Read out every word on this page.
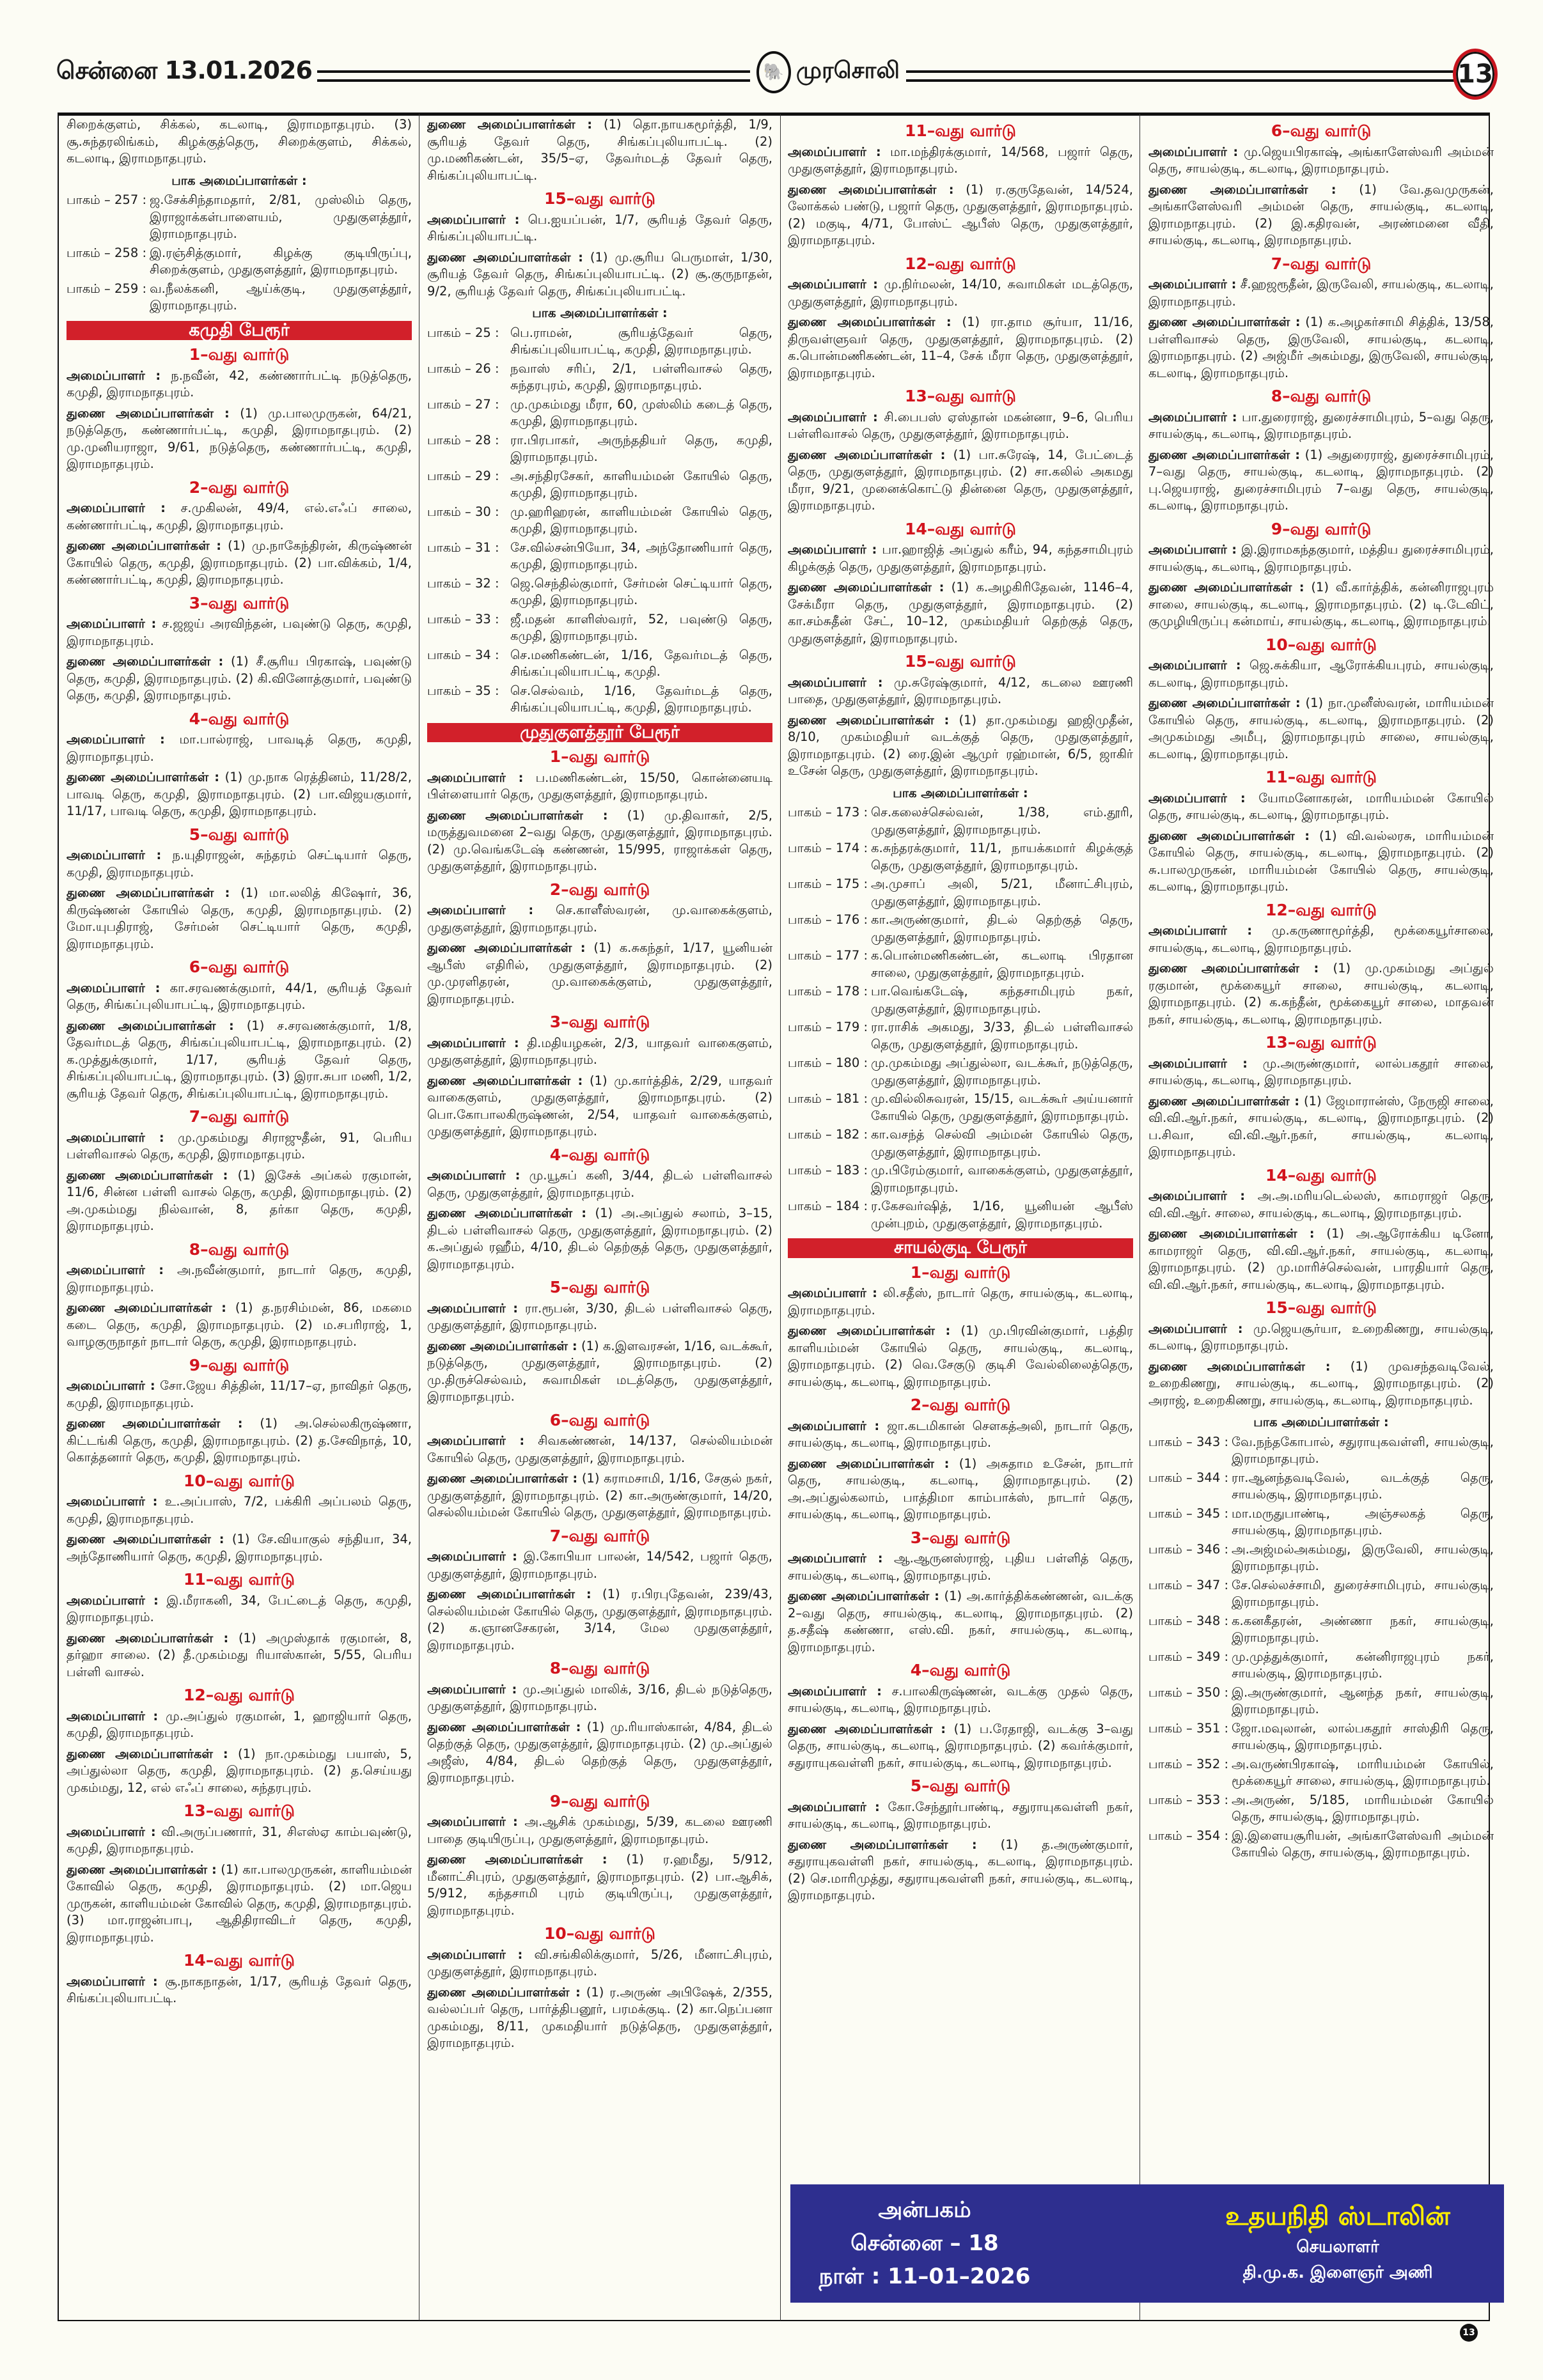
சென்னை 13.01.2026	🐘 முரசொலி	13

சிறைக்குளம், சிக்கல், கடலாடி, இராமநாதபுரம். (3) சூ.சுந்தரலிங்கம், கிழக்குத்தெரு, சிறைக்குளம், சிக்கல், கடலாடி, இராமநாதபுரம்.

பாக அமைப்பாளர்கள் :
பாகம் – 257 : ஜ.சேக்சிந்தாமதார், 2/81, முஸ்லிம் தெரு, இராஜாக்கள்பாளையம், முதுகுளத்தூர், இராமநாதபுரம்.
பாகம் – 258 : இ.ரஞ்சித்குமார், கிழக்கு குடியிருப்பு, சிறைக்குளம், முதுகுளத்தூர், இராமநாதபுரம்.
பாகம் – 259 : வ.நீலக்கனி, ஆய்க்குடி, முதுகுளத்தூர், இராமநாதபுரம்.
கமுதி பேரூர்
1–வது வார்டு

அமைப்பாளர் : ந.நவீன், 42, கண்ணார்பட்டி நடுத்தெரு, கமுதி, இராமநாதபுரம்.

துணை அமைப்பாளர்கள் : (1) மு.பாலமுருகன், 64/21, நடுத்தெரு, கண்ணார்பட்டி, கமுதி, இராமநாதபுரம். (2) மு.முனியராஜா, 9/61, நடுத்தெரு, கண்ணார்பட்டி, கமுதி, இராமநாதபுரம்.

2–வது வார்டு

அமைப்பாளர் : ச.முகிலன், 49/4, எல்.எஃப் சாலை, கண்ணார்பட்டி, கமுதி, இராமநாதபுரம்.

துணை அமைப்பாளர்கள் : (1) மு.நாகேந்திரன், கிருஷ்ணன் கோயில் தெரு, கமுதி, இராமநாதபுரம். (2) பா.விக்கம், 1/4, கண்ணார்பட்டி, கமுதி, இராமநாதபுரம்.

3–வது வார்டு

அமைப்பாளர் : ச.ஜஜய் அரவிந்தன், பவுண்டு தெரு, கமுதி, இராமநாதபுரம்.

துணை அமைப்பாளர்கள் : (1) சீ.சூரிய பிரகாஷ், பவுண்டு தெரு, கமுதி, இராமநாதபுரம். (2) கி.வினோத்குமார், பவுண்டு தெரு, கமுதி, இராமநாதபுரம்.

4–வது வார்டு

அமைப்பாளர் : மா.பால்ராஜ், பாவடித் தெரு, கமுதி, இராமநாதபுரம்.

துணை அமைப்பாளர்கள் : (1) மு.நாக ரெத்தினம், 11/28/2, பாவடி தெரு, கமுதி, இராமநாதபுரம். (2) பா.விஜயகுமார், 11/17, பாவடி தெரு, கமுதி, இராமநாதபுரம்.

5–வது வார்டு

அமைப்பாளர் : ந.யுதிராஜன், சுந்தரம் செட்டியார் தெரு, கமுதி, இராமநாதபுரம்.

துணை அமைப்பாளர்கள் : (1) மா.லலித் கிஷோர், 36, கிருஷ்ணன் கோயில் தெரு, கமுதி, இராமநாதபுரம். (2) மோ.யுபதிராஜ், சேர்மன் செட்டியார் தெரு, கமுதி, இராமநாதபுரம்.

6–வது வார்டு

அமைப்பாளர் : கா.சரவணக்குமார், 44/1, சூரியத் தேவர் தெரு, சிங்கப்புலியாபட்டி, இராமநாதபுரம்.

துணை அமைப்பாளர்கள் : (1) ச.சரவணக்குமார், 1/8, தேவர்மடத் தெரு, சிங்கப்புலியாபட்டி, இராமநாதபுரம். (2) க.முத்துக்குமார், 1/17, சூரியத் தேவர் தெரு, சிங்கப்புலியாபட்டி, இராமநாதபுரம். (3) இரா.சுபா மணி, 1/2, சூரியத் தேவர் தெரு, சிங்கப்புலியாபட்டி, இராமநாதபுரம்.

7–வது வார்டு

அமைப்பாளர் : மு.முகம்மது சிராஜுதீன், 91, பெரிய பள்ளிவாசல் தெரு, கமுதி, இராமநாதபுரம்.

துணை அமைப்பாளர்கள் : (1) இசேக் அப்கல் ரகுமான், 11/6, சின்ன பள்ளி வாசல் தெரு, கமுதி, இராமநாதபுரம். (2) அ.முகம்மது நில்வான், 8, தர்கா தெரு, கமுதி, இராமநாதபுரம்.

8–வது வார்டு

அமைப்பாளர் : அ.நவீன்குமார், நாடார் தெரு, கமுதி, இராமநாதபுரம்.

துணை அமைப்பாளர்கள் : (1) த.நரசிம்மன், 86, மகமை கடை தெரு, கமுதி, இராமநாதபுரம். (2) ம.சபரிராஜ், 1, வாழகுருநாதர் நாடார் தெரு, கமுதி, இராமநாதபுரம்.

9–வது வார்டு

அமைப்பாளர் : சோ.ஜேய சித்தின், 11/17–ஏ, நாவிதர் தெரு, கமுதி, இராமநாதபுரம்.

துணை அமைப்பாளர்கள் : (1) அ.செல்லகிருஷ்ணா, கிட்டங்கி தெரு, கமுதி, இராமநாதபுரம். (2) த.சேவிநாத், 10, கொத்தனார் தெரு, கமுதி, இராமநாதபுரம்.

10–வது வார்டு

அமைப்பாளர் : உ.அப்பாஸ், 7/2, பக்கிரி அப்பலம் தெரு, கமுதி, இராமநாதபுரம்.

துணை அமைப்பாளர்கள் : (1) சே.வியாகுல் சந்தியா, 34, அந்தோணியார் தெரு, கமுதி, இராமநாதபுரம்.

11–வது வார்டு

அமைப்பாளர் : இ.மீராகனி, 34, பேட்டைத் தெரு, கமுதி, இராமநாதபுரம்.

துணை அமைப்பாளர்கள் : (1) அமுஸ்தாக் ரகுமான், 8, தர்ஹா சாலை. (2) தீ.முகம்மது ரியாஸ்கான், 5/55, பெரிய பள்ளி வாசல்.

12–வது வார்டு

அமைப்பாளர் : மு.அப்துல் ரகுமான், 1, ஹாஜியார் தெரு, கமுதி, இராமநாதபுரம்.

துணை அமைப்பாளர்கள் : (1) நா.முகம்மது பயாஸ், 5, அப்துல்லா தெரு, கமுதி, இராமநாதபுரம். (2) த.செய்யது முகம்மது, 12, எல் எஃப் சாலை, சுந்தரபுரம்.

13–வது வார்டு

அமைப்பாளர் : வி.அருப்பணார், 31, சிஎஸ்ஏ காம்பவுண்டு, கமுதி, இராமநாதபுரம்.

துணை அமைப்பாளர்கள் : (1) கா.பாலமுருகன், காளியம்மன் கோவில் தெரு, கமுதி, இராமநாதபுரம். (2) மா.ஜெய முருகன், காளியம்மன் கோவில் தெரு, கமுதி, இராமநாதபுரம். (3) மா.ராஜன்பாபு, ஆதிதிராவிடர் தெரு, கமுதி, இராமநாதபுரம்.

14–வது வார்டு

அமைப்பாளர் : சூ.நாகநாதன், 1/17, சூரியத் தேவர் தெரு, சிங்கப்புலியாபட்டி.

துணை அமைப்பாளர்கள் : (1) தொ.நாயகமூர்த்தி, 1/9, சூரியத் தேவர் தெரு, சிங்கப்புலியாபட்டி. (2) மு.மணிகண்டன், 35/5–ஏ, தேவர்மடத் தேவர் தெரு, சிங்கப்புலியாபட்டி.

15–வது வார்டு

அமைப்பாளர் : பெ.ஐயப்பன், 1/7, சூரியத் தேவர் தெரு, சிங்கப்புலியாபட்டி.

துணை அமைப்பாளர்கள் : (1) மு.சூரிய பெருமாள், 1/30, சூரியத் தேவர் தெரு, சிங்கப்புலியாபட்டி. (2) சூ.குருநாதன், 9/2, சூரியத் தேவர் தெரு, சிங்கப்புலியாபட்டி.

பாக அமைப்பாளர்கள் :
பாகம் – 25 : பெ.ராமன், சூரியத்தேவர் தெரு, சிங்கப்புலியாபட்டி, கமுதி, இராமநாதபுரம்.
பாகம் – 26 : நவாஸ் சரிப், 2/1, பள்ளிவாசல் தெரு, சுந்தரபுரம், கமுதி, இராமநாதபுரம்.
பாகம் – 27 : மு.முகம்மது மீரா, 60, முஸ்லிம் கடைத் தெரு, கமுதி, இராமநாதபுரம்.
பாகம் – 28 : ரா.பிரபாகர், அருந்ததியர் தெரு, கமுதி, இராமநாதபுரம்.
பாகம் – 29 : அ.சந்திரசேகர், காளியம்மன் கோயில் தெரு, கமுதி, இராமநாதபுரம்.
பாகம் – 30 : மு.ஹரிஹரன், காளியம்மன் கோயில் தெரு, கமுதி, இராமநாதபுரம்.
பாகம் – 31 : சே.வில்சன்பியோ, 34, அந்தோணியார் தெரு, கமுதி, இராமநாதபுரம்.
பாகம் – 32 : ஜெ.செந்தில்குமார், சேர்மன் செட்டியார் தெரு, கமுதி, இராமநாதபுரம்.
பாகம் – 33 : ஜீ.மதன் காளிஸ்வரர், 52, பவுண்டு தெரு, கமுதி, இராமநாதபுரம்.
பாகம் – 34 : செ.மணிகண்டன், 1/16, தேவர்மடத் தெரு, சிங்கப்புலியாபட்டி, கமுதி.
பாகம் – 35 : செ.செல்வம், 1/16, தேவர்மடத் தெரு, சிங்கப்புலியாபட்டி, கமுதி, இராமநாதபுரம்.
முதுகுளத்தூர் பேரூர்
1–வது வார்டு

அமைப்பாளர் : ப.மணிகண்டன், 15/50, கொன்னையடி பிள்ளையார் தெரு, முதுகுளத்தூர், இராமநாதபுரம்.

துணை அமைப்பாளர்கள் : (1) மு.திவாகர், 2/5, மருத்துவமனை 2–வது தெரு, முதுகுளத்தூர், இராமநாதபுரம். (2) மு.வெங்கடேஷ் கண்ணன், 15/995, ராஜாக்கள் தெரு, முதுகுளத்தூர், இராமநாதபுரம்.

2–வது வார்டு

அமைப்பாளர் : செ.காளீஸ்வரன், மு.வாகைக்குளம், முதுகுளத்தூர், இராமநாதபுரம்.

துணை அமைப்பாளர்கள் : (1) க.சுகந்தர், 1/17, யூனியன் ஆபீஸ் எதிரில், முதுகுளத்தூர், இராமநாதபுரம். (2) மு.முரளிதரன், மு.வாகைக்குளம், முதுகுளத்தூர், இராமநாதபுரம்.

3–வது வார்டு

அமைப்பாளர் : தி.மதியழகன், 2/3, யாதவர் வாகைகுளம், முதுகுளத்தூர், இராமநாதபுரம்.

துணை அமைப்பாளர்கள் : (1) மு.கார்த்திக், 2/29, யாதவர் வாகைகுளம், முதுகுளத்தூர், இராமநாதபுரம். (2) பொ.கோபாலகிருஷ்ணன், 2/54, யாதவர் வாகைக்குளம், முதுகுளத்தூர், இராமநாதபுரம்.

4–வது வார்டு

அமைப்பாளர் : மு.யூசுப் கனி, 3/44, திடல் பள்ளிவாசல் தெரு, முதுகுளத்தூர், இராமநாதபுரம்.

துணை அமைப்பாளர்கள் : (1) அ.அப்துல் சலாம், 3–15, திடல் பள்ளிவாசல் தெரு, முதுகுளத்தூர், இராமநாதபுரம். (2) க.அப்துல் ரஹீம், 4/10, திடல் தெற்குத் தெரு, முதுகுளத்தூர், இராமநாதபுரம்.

5–வது வார்டு

அமைப்பாளர் : ரா.ரூபன், 3/30, திடல் பள்ளிவாசல் தெரு, முதுகுளத்தூர், இராமநாதபுரம்.

துணை அமைப்பாளர்கள் : (1) க.இளவரசன், 1/16, வடக்கூர், நடுத்தெரு, முதுகுளத்தூர், இராமநாதபுரம். (2) மு.திருச்செல்வம், சுவாமிகள் மடத்தெரு, முதுகுளத்தூர், இராமநாதபுரம்.

6–வது வார்டு

அமைப்பாளர் : சிவகண்ணன், 14/137, செல்லியம்மன் கோயில் தெரு, முதுகுளத்தூர், இராமநாதபுரம்.

துணை அமைப்பாளர்கள் : (1) கராமசாமி, 1/16, சேகுல் நகர், முதுகுளத்தூர், இராமநாதபுரம். (2) கா.அருண்குமார், 14/20, செல்லியம்மன் கோயில் தெரு, முதுகுளத்தூர், இராமநாதபுரம்.

7–வது வார்டு

அமைப்பாளர் : இ.கோபியா பாலன், 14/542, பஜார் தெரு, முதுகுளத்தூர், இராமநாதபுரம்.

துணை அமைப்பாளர்கள் : (1) ர.பிரபுதேவன், 239/43, செல்லியம்மன் கோயில் தெரு, முதுகுளத்தூர், இராமநாதபுரம். (2) க.ஞானசேகரன், 3/14, மேல முதுகுளத்தூர், இராமநாதபுரம்.

8–வது வார்டு

அமைப்பாளர் : மு.அப்துல் மாலிக், 3/16, திடல் நடுத்தெரு, முதுகுளத்தூர், இராமநாதபுரம்.

துணை அமைப்பாளர்கள் : (1) மு.ரியாஸ்கான், 4/84, திடல் தெற்குத் தெரு, முதுகுளத்தூர், இராமநாதபுரம். (2) மு.அப்துல் அஜீஸ், 4/84, திடல் தெற்குத் தெரு, முதுகுளத்தூர், இராமநாதபுரம்.

9–வது வார்டு

அமைப்பாளர் : அ.ஆசிக் முகம்மது, 5/39, கடலை ஊரணி பாதை குடியிருப்பு, முதுகுளத்தூர், இராமநாதபுரம்.

துணை அமைப்பாளர்கள் : (1) ர.ஹமீது, 5/912, மீனாட்சிபுரம், முதுகுளத்தூர், இராமநாதபுரம். (2) பா.ஆசிக், 5/912, கந்தசாமி புரம் குடியிருப்பு, முதுகுளத்தூர், இராமநாதபுரம்.

10–வது வார்டு

அமைப்பாளர் : வி.சங்கிலிக்குமார், 5/26, மீனாட்சிபுரம், முதுகுளத்தூர், இராமநாதபுரம்.

துணை அமைப்பாளர்கள் : (1) ர.அருண் அபிஷேக், 2/355, வல்லப்பர் தெரு, பார்த்திபனூர், பரமக்குடி. (2) கா.நெப்பனா முகம்மது, 8/11, முகமதியார் நடுத்தெரு, முதுகுளத்தூர், இராமநாதபுரம்.

11–வது வார்டு

அமைப்பாளர் : மா.மந்திரக்குமார், 14/568, பஜார் தெரு, முதுகுளத்தூர், இராமநாதபுரம்.

துணை அமைப்பாளர்கள் : (1) ர.குருதேவன், 14/524, லோக்கல் பண்டு, பஜார் தெரு, முதுகுளத்தூர், இராமநாதபுரம். (2) மகுடி, 4/71, போஸ்ட் ஆபீஸ் தெரு, முதுகுளத்தூர், இராமநாதபுரம்.

12–வது வார்டு

அமைப்பாளர் : மு.நிர்மலன், 14/10, சுவாமிகள் மடத்தெரு, முதுகுளத்தூர், இராமநாதபுரம்.

துணை அமைப்பாளர்கள் : (1) ரா.தாம சூர்யா, 11/16, திருவள்ளுவர் தெரு, முதுகுளத்தூர், இராமநாதபுரம். (2) க.பொன்மணிகண்டன், 11–4, சேக் மீரா தெரு, முதுகுளத்தூர், இராமநாதபுரம்.

13–வது வார்டு

அமைப்பாளர் : சி.பைபஸ் ஏஸ்தான் மகன்னா, 9–6, பெரிய பள்ளிவாசல் தெரு, முதுகுளத்தூர், இராமநாதபுரம்.

துணை அமைப்பாளர்கள் : (1) பா.சுரேஷ், 14, பேட்டைத் தெரு, முதுகுளத்தூர், இராமநாதபுரம். (2) சா.கலில் அகமது மீரா, 9/21, முனைக்கொட்டு தின்னை தெரு, முதுகுளத்தூர், இராமநாதபுரம்.

14–வது வார்டு

அமைப்பாளர் : பா.ஹாஜித் அப்துல் கரீம், 94, கந்தசாமிபுரம் கிழக்குத் தெரு, முதுகுளத்தூர், இராமநாதபுரம்.

துணை அமைப்பாளர்கள் : (1) க.அழகிரிதேவன், 1146–4, சேக்மீரா தெரு, முதுகுளத்தூர், இராமநாதபுரம். (2) கா.சம்சுதீன் சேட், 10–12, முகம்மதியர் தெற்குத் தெரு, முதுகுளத்தூர், இராமநாதபுரம்.

15–வது வார்டு

அமைப்பாளர் : மு.சுரேஷ்குமார், 4/12, கடலை ஊரணி பாதை, முதுகுளத்தூர், இராமநாதபுரம்.

துணை அமைப்பாளர்கள் : (1) தா.முகம்மது ஹஜிமுதீன், 8/10, முகம்மதியர் வடக்குத் தெரு, முதுகுளத்தூர், இராமநாதபுரம். (2) ரை.இன் ஆமுர் ரஹ்மான், 6/5, ஜாகிர் உசேன் தெரு, முதுகுளத்தூர், இராமநாதபுரம்.

பாக அமைப்பாளர்கள் :
பாகம் – 173 : செ.கலைச்செல்வன், 1/38, எம்.தூரி, முதுகுளத்தூர், இராமநாதபுரம்.
பாகம் – 174 : க.சுந்தரக்குமார், 11/1, நாயக்கமார் கிழக்குத் தெரு, முதுகுளத்தூர், இராமநாதபுரம்.
பாகம் – 175 : அ.முசாப் அலி, 5/21, மீனாட்சிபுரம், முதுகுளத்தூர், இராமநாதபுரம்.
பாகம் – 176 : கா.அருண்குமார், திடல் தெற்குத் தெரு, முதுகுளத்தூர், இராமநாதபுரம்.
பாகம் – 177 : க.பொன்மணிகண்டன், கடலாடி பிரதான சாலை, முதுகுளத்தூர், இராமநாதபுரம்.
பாகம் – 178 : பா.வெங்கடேஷ், கந்தசாமிபுரம் நகர், முதுகுளத்தூர், இராமநாதபுரம்.
பாகம் – 179 : ரா.ராசிக் அகமது, 3/33, திடல் பள்ளிவாசல் தெரு, முதுகுளத்தூர், இராமநாதபுரம்.
பாகம் – 180 : மு.முகம்மது அப்துல்லா, வடக்கூர், நடுத்தெரு, முதுகுளத்தூர், இராமநாதபுரம்.
பாகம் – 181 : மு.வில்லிசுவரன், 15/15, வடக்கூர் அய்யனார் கோயில் தெரு, முதுகுளத்தூர், இராமநாதபுரம்.
பாகம் – 182 : கா.வசந்த் செல்வி அம்மன் கோயில் தெரு, முதுகுளத்தூர், இராமநாதபுரம்.
பாகம் – 183 : மு.பிரேம்குமார், வாகைக்குளம், முதுகுளத்தூர், இராமநாதபுரம்.
பாகம் – 184 : ர.கேசவர்ஷித், 1/16, யூனியன் ஆபீஸ் முன்புறம், முதுகுளத்தூர், இராமநாதபுரம்.
சாயல்குடி பேரூர்
1–வது வார்டு

அமைப்பாளர் : லி.சதீஸ், நாடார் தெரு, சாயல்குடி, கடலாடி, இராமநாதபுரம்.

துணை அமைப்பாளர்கள் : (1) மு.பிரவின்குமார், பத்திர காளியம்மன் கோயில் தெரு, சாயல்குடி, கடலாடி, இராமநாதபுரம். (2) வெ.சேகுடு குடிசி வேல்லிலைத்தெரு, சாயல்குடி, கடலாடி, இராமநாதபுரம்.

2–வது வார்டு

அமைப்பாளர் : ஜா.கடமிகான் சௌகத்அலி, நாடார் தெரு, சாயல்குடி, கடலாடி, இராமநாதபுரம்.

துணை அமைப்பாளர்கள் : (1) அசுதாம உசேன், நாடார் தெரு, சாயல்குடி, கடலாடி, இராமநாதபுரம். (2) அ.அப்துல்கலாம், பாத்திமா காம்பாக்ஸ், நாடார் தெரு, சாயல்குடி, கடலாடி, இராமநாதபுரம்.

3–வது வார்டு

அமைப்பாளர் : ஆ.ஆருனஸ்ராஜ், புதிய பள்ளித் தெரு, சாயல்குடி, கடலாடி, இராமநாதபுரம்.

துணை அமைப்பாளர்கள் : (1) அ.கார்த்திக்கண்ணன், வடக்கு 2–வது தெரு, சாயல்குடி, கடலாடி, இராமநாதபுரம். (2) த.சதீஷ் கண்ணா, எஸ்.வி. நகர், சாயல்குடி, கடலாடி, இராமநாதபுரம்.

4–வது வார்டு

அமைப்பாளர் : ச.பாலகிருஷ்ணன், வடக்கு முதல் தெரு, சாயல்குடி, கடலாடி, இராமநாதபுரம்.

துணை அமைப்பாளர்கள் : (1) ப.ரேதாஜி, வடக்கு 3–வது தெரு, சாயல்குடி, கடலாடி, இராமநாதபுரம். (2) கவர்க்குமார், சதுராயுகவள்ளி நகர், சாயல்குடி, கடலாடி, இராமநாதபுரம்.

5–வது வார்டு

அமைப்பாளர் : கோ.சேந்தூர்பாண்டி, சதுராயுகவள்ளி நகர், சாயல்குடி, கடலாடி, இராமநாதபுரம்.

துணை அமைப்பாளர்கள் : (1) த.அருண்குமார், சதுராயுகவள்ளி நகர், சாயல்குடி, கடலாடி, இராமநாதபுரம். (2) செ.மாரிமுத்து, சதுராயுகவள்ளி நகர், சாயல்குடி, கடலாடி, இராமநாதபுரம்.

6–வது வார்டு

அமைப்பாளர் : மு.ஜெயபிரகாஷ், அங்காளேஸ்வரி அம்மன் தெரு, சாயல்குடி, கடலாடி, இராமநாதபுரம்.

துணை அமைப்பாளர்கள் : (1) வே.தவமுருகன், அங்காளேஸ்வரி அம்மன் தெரு, சாயல்குடி, கடலாடி, இராமநாதபுரம். (2) இ.கதிரவன், அரண்மனை வீதி, சாயல்குடி, கடலாடி, இராமநாதபுரம்.

7–வது வார்டு

அமைப்பாளர் : சீ.ஹஜரூதீன், இருவேலி, சாயல்குடி, கடலாடி, இராமநாதபுரம்.

துணை அமைப்பாளர்கள் : (1) க.அழகர்சாமி சித்திக், 13/58, பள்ளிவாசல் தெரு, இருவேலி, சாயல்குடி, கடலாடி, இராமநாதபுரம். (2) அஜ்மீர் அகம்மது, இருவேலி, சாயல்குடி, கடலாடி, இராமநாதபுரம்.

8–வது வார்டு

அமைப்பாளர் : பா.துரைராஜ், துரைச்சாமிபுரம், 5–வது தெரு, சாயல்குடி, கடலாடி, இராமநாதபுரம்.

துணை அமைப்பாளர்கள் : (1) அதுரைராஜ், துரைச்சாமிபுரம், 7–வது தெரு, சாயல்குடி, கடலாடி, இராமநாதபுரம். (2) பு.ஜெயராஜ், துரைச்சாமிபுரம் 7–வது தெரு, சாயல்குடி, கடலாடி, இராமநாதபுரம்.

9–வது வார்டு

அமைப்பாளர் : இ.இராமகந்தகுமார், மத்திய துரைச்சாமிபுரம், சாயல்குடி, கடலாடி, இராமநாதபுரம்.

துணை அமைப்பாளர்கள் : (1) வீ.கார்த்திக், கன்னிராஜபுரம் சாலை, சாயல்குடி, கடலாடி, இராமநாதபுரம். (2) டி.டேவிட், குமுழியிருப்பு கன்மாய், சாயல்குடி, கடலாடி, இராமநாதபுரம்.

10–வது வார்டு

அமைப்பாளர் : ஜெ.சுக்கியா, ஆரோக்கியபுரம், சாயல்குடி, கடலாடி, இராமநாதபுரம்.

துணை அமைப்பாளர்கள் : (1) நா.முனீஸ்வரன், மாரியம்மன் கோயில் தெரு, சாயல்குடி, கடலாடி, இராமநாதபுரம். (2) அமுகம்மது அமீபு, இராமநாதபுரம் சாலை, சாயல்குடி, கடலாடி, இராமநாதபுரம்.

11–வது வார்டு

அமைப்பாளர் : யோமனோகரன், மாரியம்மன் கோயில் தெரு, சாயல்குடி, கடலாடி, இராமநாதபுரம்.

துணை அமைப்பாளர்கள் : (1) வி.வல்லரசு, மாரியம்மன் கோயில் தெரு, சாயல்குடி, கடலாடி, இராமநாதபுரம். (2) சு.பாலமுருகன், மாரியம்மன் கோயில் தெரு, சாயல்குடி, கடலாடி, இராமநாதபுரம்.

12–வது வார்டு

அமைப்பாளர் : மு.கருணாமூர்த்தி, மூக்கையூர்சாலை, சாயல்குடி, கடலாடி, இராமநாதபுரம்.

துணை அமைப்பாளர்கள் : (1) மு.முகம்மது அப்துல் ரகுமான், மூக்கையூர் சாலை, சாயல்குடி, கடலாடி, இராமநாதபுரம். (2) க.கந்தீன், மூக்கையூர் சாலை, மாதவன் நகர், சாயல்குடி, கடலாடி, இராமநாதபுரம்.

13–வது வார்டு

அமைப்பாளர் : மு.அருண்குமார், லால்பகதூர் சாலை, சாயல்குடி, கடலாடி, இராமநாதபுரம்.

துணை அமைப்பாளர்கள் : (1) ஜேமாரான்ஸ், நேருஜி சாலை, வி.வி.ஆர்.நகர், சாயல்குடி, கடலாடி, இராமநாதபுரம். (2) ப.சிவா, வி.வி.ஆர்.நகர், சாயல்குடி, கடலாடி, இராமநாதபுரம்.

14–வது வார்டு

அமைப்பாளர் : அ.அ.மரியடெல்லஸ், காமராஜர் தெரு, வி.வி.ஆர். சாலை, சாயல்குடி, கடலாடி, இராமநாதபுரம்.

துணை அமைப்பாளர்கள் : (1) அ.ஆரோக்கிய டினோ, காமராஜர் தெரு, வி.வி.ஆர்.நகர், சாயல்குடி, கடலாடி, இராமநாதபுரம். (2) மு.மாரிச்செல்வன், பாரதியார் தெரு, வி.வி.ஆர்.நகர், சாயல்குடி, கடலாடி, இராமநாதபுரம்.

15–வது வார்டு

அமைப்பாளர் : மு.ஜெயசூர்யா, உறைகிணறு, சாயல்குடி, கடலாடி, இராமநாதபுரம்.

துணை அமைப்பாளர்கள் : (1) முவசந்தவடிவேல், உறைகிணறு, சாயல்குடி, கடலாடி, இராமநாதபுரம். (2) அராஜ், உறைகிணறு, சாயல்குடி, கடலாடி, இராமநாதபுரம்.

பாக அமைப்பாளர்கள் :
பாகம் – 343 : வே.நந்தகோபால், சதுராயுகவள்ளி, சாயல்குடி, இராமநாதபுரம்.
பாகம் – 344 : ரா.ஆனந்தவடிவேல், வடக்குத் தெரு, சாயல்குடி, இராமநாதபுரம்.
பாகம் – 345 : மா.மருதுபாண்டி, அஞ்சலகத் தெரு, சாயல்குடி, இராமநாதபுரம்.
பாகம் – 346 : அ.அஜ்மல்அகம்மது, இருவேலி, சாயல்குடி, இராமநாதபுரம்.
பாகம் – 347 : சே.செல்லச்சாமி, துரைச்சாமிபுரம், சாயல்குடி, இராமநாதபுரம்.
பாகம் – 348 : க.கனகீதரன், அண்ணா நகர், சாயல்குடி, இராமநாதபுரம்.
பாகம் – 349 : மு.முத்துக்குமார், கன்னிராஜபுரம் நகர், சாயல்குடி, இராமநாதபுரம்.
பாகம் – 350 : இ.அருண்குமார், ஆனந்த நகர், சாயல்குடி, இராமநாதபுரம்.
பாகம் – 351 : ஜோ.மவுலான், லால்பகதூர் சாஸ்திரி தெரு, சாயல்குடி, இராமநாதபுரம்.
பாகம் – 352 : அ.வருண்பிரகாஷ், மாரியம்மன் கோயில், மூக்கையூர் சாலை, சாயல்குடி, இராமநாதபுரம்.
பாகம் – 353 : அ.அருண், 5/185, மாரியம்மன் கோயில் தெரு, சாயல்குடி, இராமநாதபுரம்.
பாகம் – 354 : இ.இளையசூரியன், அங்காளேஸ்வரி அம்மன் கோயில் தெரு, சாயல்குடி, இராமநாதபுரம்.
அன்பகம்
சென்னை – 18
நாள் : 11–01–2026
உதயநிதி ஸ்டாலின்
செயலாளர்
தி.மு.க. இளைஞர் அணி
13
